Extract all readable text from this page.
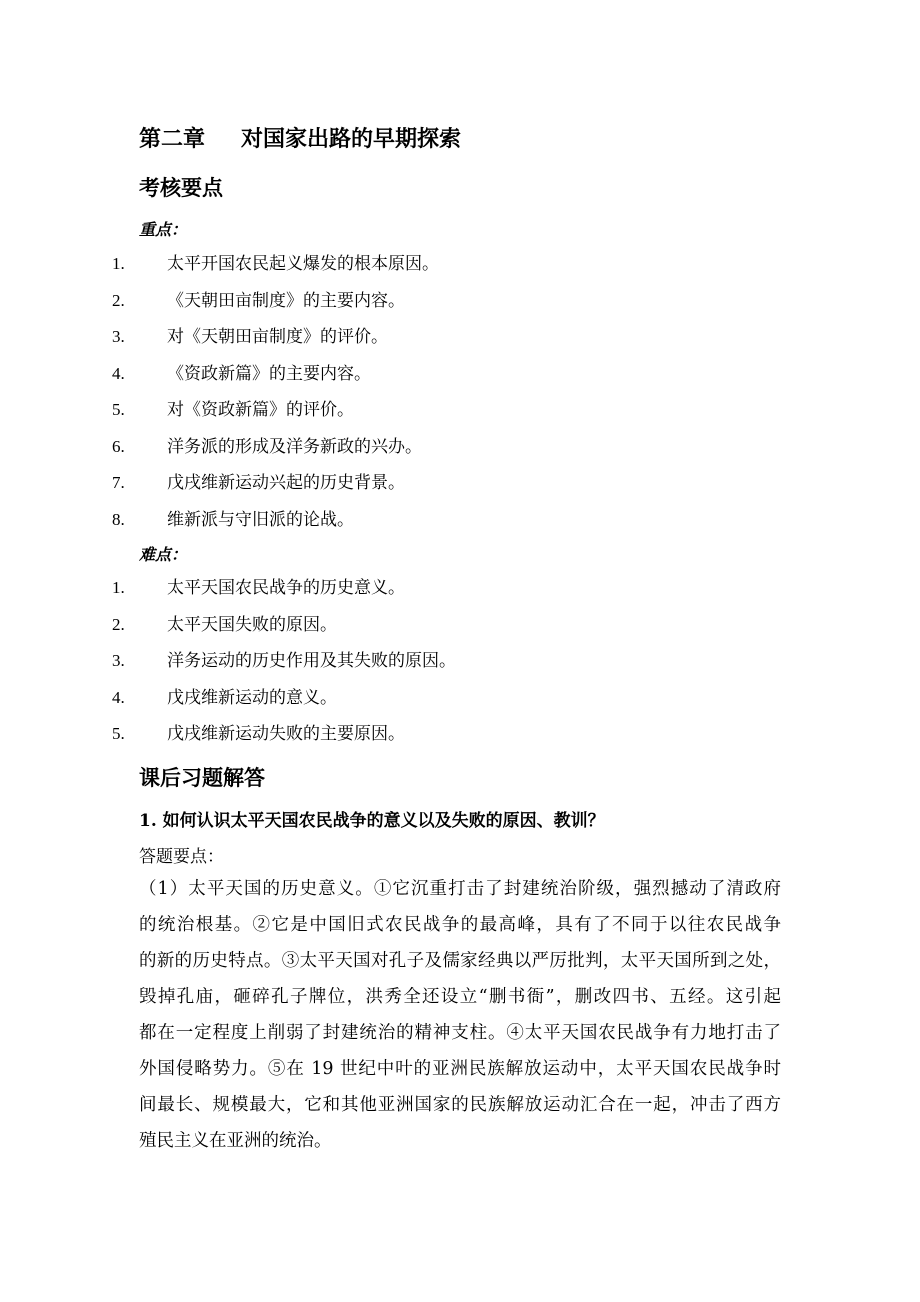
第二章 对国家出路的早期探索
考核要点
重点：
1. 太平开国农民起义爆发的根本原因。
2. 《天朝田亩制度》的主要内容。
3. 对《天朝田亩制度》的评价。
4. 《资政新篇》的主要内容。
5. 对《资政新篇》的评价。
6. 洋务派的形成及洋务新政的兴办。
7. 戊戌维新运动兴起的历史背景。
8. 维新派与守旧派的论战。
难点：
1. 太平天国农民战争的历史意义。
2. 太平天国失败的原因。
3. 洋务运动的历史作用及其失败的原因。
4. 戊戌维新运动的意义。
5. 戊戌维新运动失败的主要原因。
课后习题解答
1. 如何认识太平天国农民战争的意义以及失败的原因、教训？
答题要点：
（1）太平天国的历史意义。①它沉重打击了封建统治阶级，强烈撼动了清政府
的统治根基。②它是中国旧式农民战争的最高峰，具有了不同于以往农民战争
的新的历史特点。③太平天国对孔子及儒家经典以严厉批判，太平天国所到之处，
毁掉孔庙，砸碎孔子牌位，洪秀全还设立“删书衙”，删改四书、五经。这引起
都在一定程度上削弱了封建统治的精神支柱。④太平天国农民战争有力地打击了
外国侵略势力。⑤在 19 世纪中叶的亚洲民族解放运动中，太平天国农民战争时
间最长、规模最大，它和其他亚洲国家的民族解放运动汇合在一起，冲击了西方
殖民主义在亚洲的统治。
